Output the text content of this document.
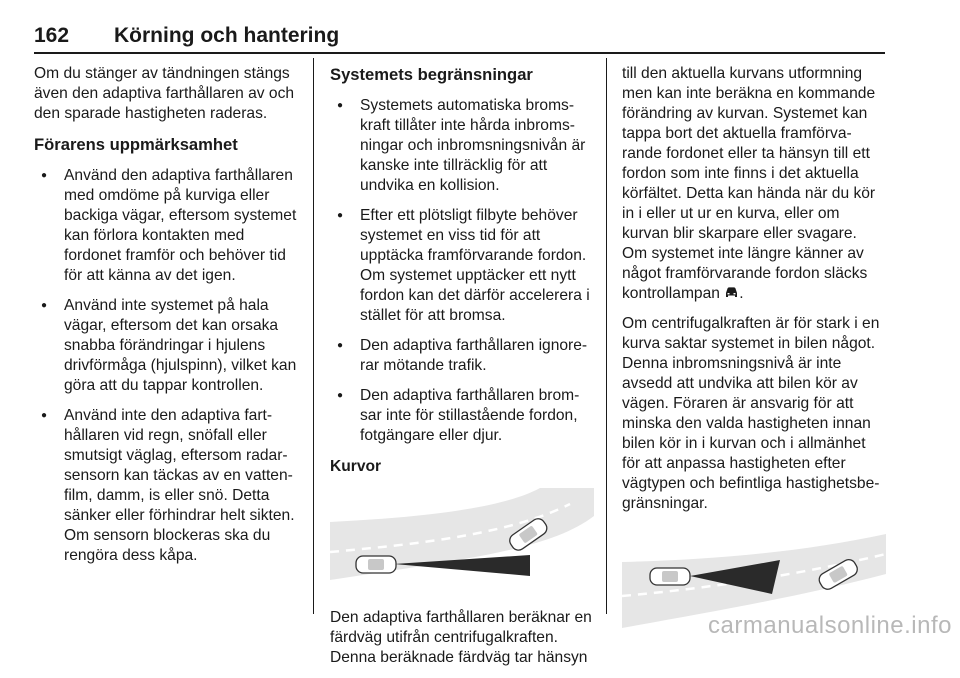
162 Körning och hantering

Om du stänger av tändningen stängs även den adaptiva farthållaren av och den sparade hastigheten raderas.

Förarens uppmärksamhet
● Använd den adaptiva farthållaren med omdöme på kurviga eller backiga vägar, eftersom systemet kan förlora kontakten med fordonet framför och behöver tid för att känna av det igen.
● Använd inte systemet på hala vägar, eftersom det kan orsaka snabba förändringar i hjulens drivförmåga (hjulspinn), vilket kan göra att du tappar kontrollen.
● Använd inte den adaptiva farthållaren vid regn, snöfall eller smutsigt väglag, eftersom radarsensorn kan täckas av en vattenfilm, damm, is eller snö. Detta sänker eller förhindrar helt sikten. Om sensorn blockeras ska du rengöra dess kåpa.
Systemets begränsningar
● Systemets automatiska bromskraft tillåter inte hårda inbromsningar och inbromsningsnivån är kanske inte tillräcklig för att undvika en kollision.
● Efter ett plötsligt filbyte behöver systemet en viss tid för att upptäcka framförvarande fordon. Om systemet upptäcker ett nytt fordon kan det därför accelerera i stället för att bromsa.
● Den adaptiva farthållaren ignorerar mötande trafik.
● Den adaptiva farthållaren bromsar inte för stillastående fordon, fotgängare eller djur.
Kurvor

Den adaptiva farthållaren beräknar en färdväg utifrån centrifugalkraften. Denna beräknade färdväg tar hänsyn

till den aktuella kurvans utformning men kan inte beräkna en kommande förändring av kurvan. Systemet kan tappa bort det aktuella framförvarande fordonet eller ta hänsyn till ett fordon som inte finns i det aktuella körfältet. Detta kan hända när du kör in i eller ut ur en kurva, eller om kurvan blir skarpare eller svagare. Om systemet inte längre känner av något framförvarande fordon släcks kontrollampan .

Om centrifugalkraften är för stark i en kurva saktar systemet in bilen något. Denna inbromsningsnivå är inte avsedd att undvika att bilen kör av vägen. Föraren är ansvarig för att minska den valda hastigheten innan bilen kör in i kurvan och i allmänhet för att anpassa hastigheten efter vägtypen och befintliga hastighetsbegränsningar.

carmanualsonline.info
